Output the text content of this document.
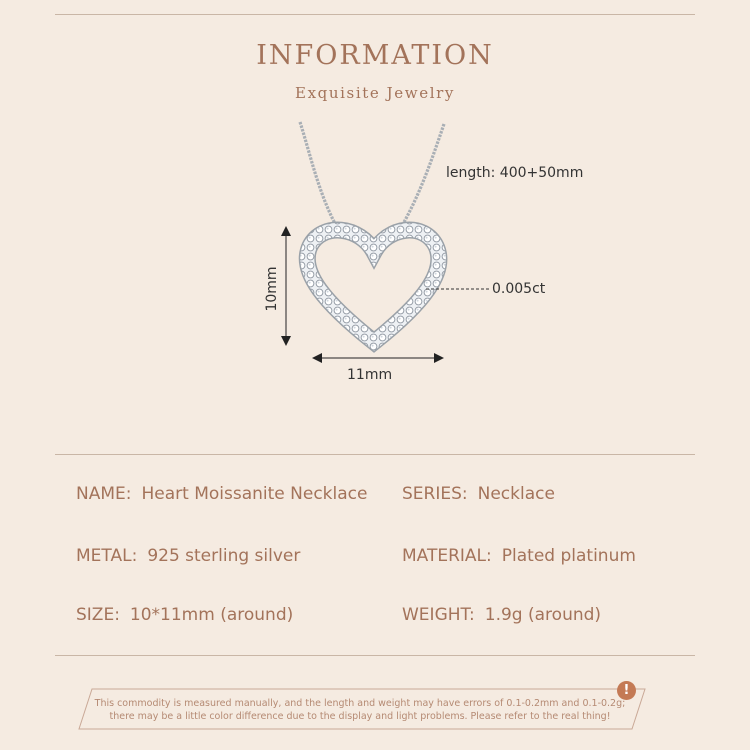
INFORMATION
Exquisite Jewelry
length: 400+50mm
0.005ct
10mm
11mm
NAME: Heart Moissanite Necklace SERIES: Necklace
METAL: 925 sterling silver	MATERIAL: Plated platinum
SIZE: 10*11mm (around)	WEIGHT: 1.9g (around)
!
This commodity is measured manually, and the length and weight may have errors of 0.1-0.2mm and 0.1-0.2g;
there may be a little color difference due to the display and light problems. Please refer to the real thing!
